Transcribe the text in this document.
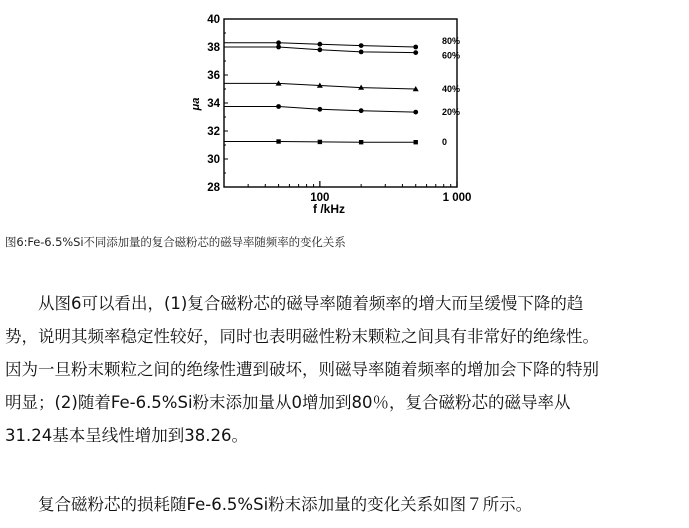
28
30
32
34
36
38
40
100	1 000
80%
60%
40%
20%
0
μa
f /kHz
图6:Fe-6.5%Si不同添加量的复合磁粉芯的磁导率随频率的变化关系
从图6可以看出，(1)复合磁粉芯的磁导率随着频率的增大而呈缓慢下降的趋
势，说明其频率稳定性较好，同时也表明磁性粉末颗粒之间具有非常好的绝缘性。
因为一旦粉末颗粒之间的绝缘性遭到破坏，则磁导率随着频率的增加会下降的特别
明显；(2)随着Fe-6.5%Si粉末添加量从0增加到80％，复合磁粉芯的磁导率从
31.24基本呈线性增加到38.26。
复合磁粉芯的损耗随Fe-6.5%Si粉末添加量的变化关系如图７所示。
